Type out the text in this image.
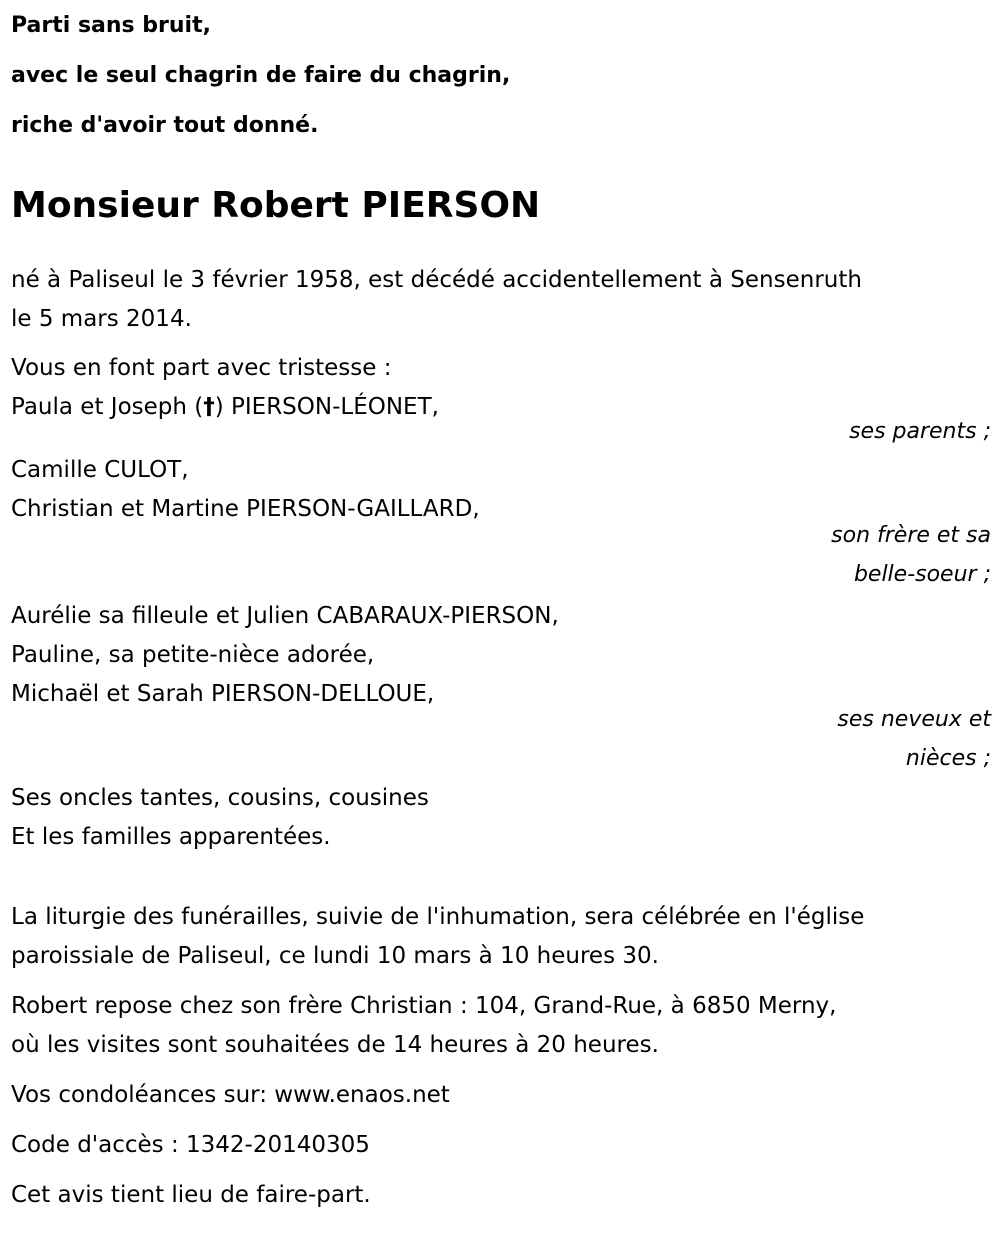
Parti sans bruit,
avec le seul chagrin de faire du chagrin,
riche d'avoir tout donné.
Monsieur Robert PIERSON
né à Paliseul le 3 février 1958, est décédé accidentellement à Sensenruth
le 5 mars 2014.
Vous en font part avec tristesse :
Paula et Joseph (†) PIERSON-LÉONET,
ses parents ;
Camille CULOT,
Christian et Martine PIERSON-GAILLARD,
son frère et sa
belle-soeur ;
Aurélie sa filleule et Julien CABARAUX-PIERSON,
Pauline, sa petite-nièce adorée,
Michaël et Sarah PIERSON-DELLOUE,
ses neveux et
nièces ;
Ses oncles tantes, cousins, cousines
Et les familles apparentées.
La liturgie des funérailles, suivie de l'inhumation, sera célébrée en l'église
paroissiale de Paliseul, ce lundi 10 mars à 10 heures 30.
Robert repose chez son frère Christian : 104, Grand-Rue, à 6850 Merny,
où les visites sont souhaitées de 14 heures à 20 heures.
Vos condoléances sur: www.enaos.net
Code d'accès : 1342-20140305
Cet avis tient lieu de faire-part.
